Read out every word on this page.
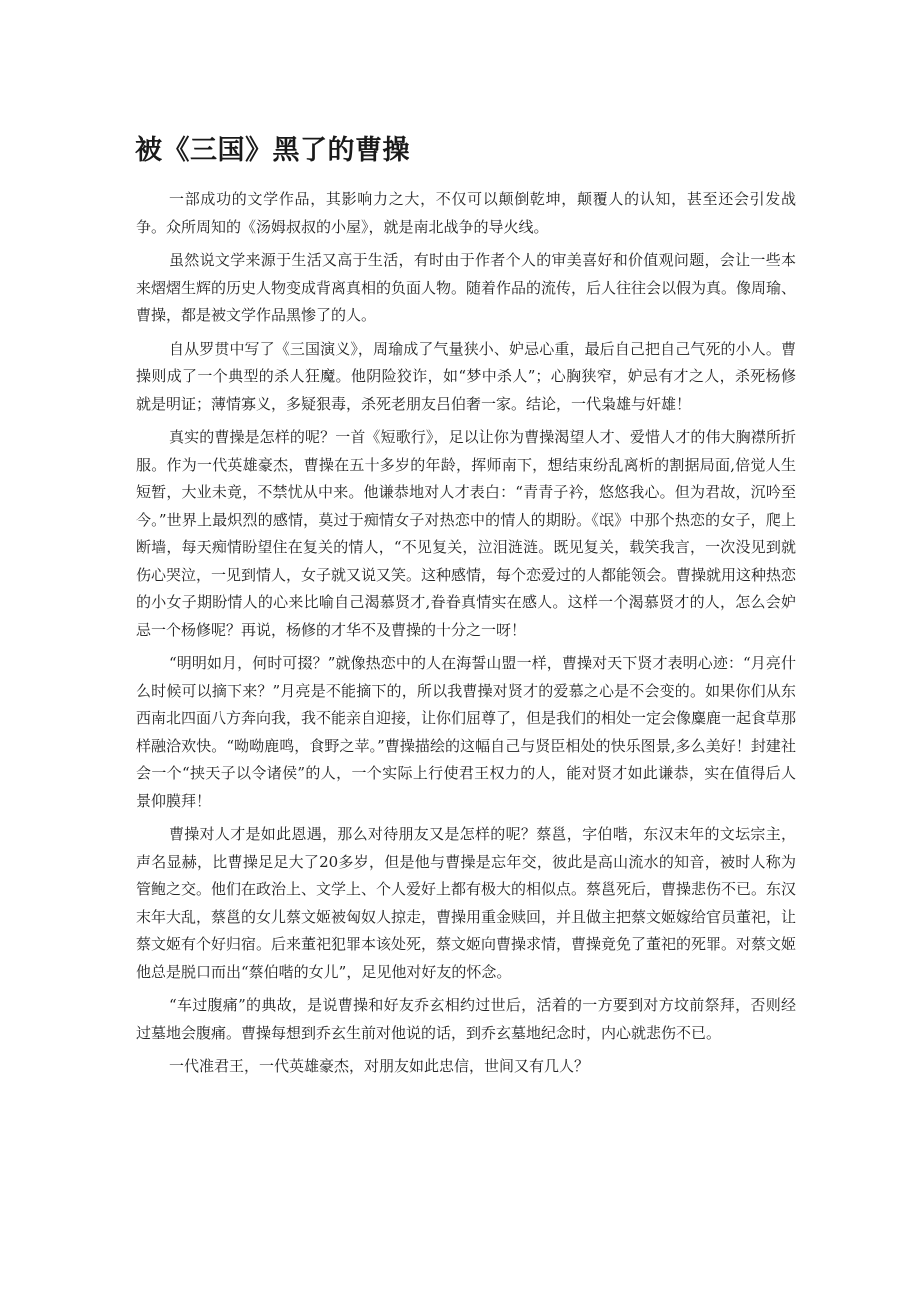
被《三国》黑了的曹操

一部成功的文学作品，其影响力之大，不仅可以颠倒乾坤，颠覆人的认知，甚至还会引发战争。众所周知的《汤姆叔叔的小屋》，就是南北战争的导火线。

虽然说文学来源于生活又高于生活，有时由于作者个人的审美喜好和价值观问题，会让一些本来熠熠生辉的历史人物变成背离真相的负面人物。随着作品的流传，后人往往会以假为真。像周瑜、曹操，都是被文学作品黑惨了的人。

自从罗贯中写了《三国演义》，周瑜成了气量狭小、妒忌心重，最后自己把自己气死的小人。曹操则成了一个典型的杀人狂魔。他阴险狡诈，如“梦中杀人”；心胸狭窄，妒忌有才之人，杀死杨修就是明证；薄情寡义，多疑狠毒，杀死老朋友吕伯奢一家。结论，一代枭雄与奸雄！

真实的曹操是怎样的呢？一首《短歌行》，足以让你为曹操渴望人才、爱惜人才的伟大胸襟所折服。作为一代英雄豪杰，曹操在五十多岁的年龄，挥师南下，想结束纷乱离析的割据局面,倍觉人生短暂，大业未竟，不禁忧从中来。他谦恭地对人才表白：“青青子衿，悠悠我心。但为君故，沉吟至今。”世界上最炽烈的感情，莫过于痴情女子对热恋中的情人的期盼。《氓》中那个热恋的女子，爬上断墙，每天痴情盼望住在复关的情人，“不见复关，泣泪涟涟。既见复关，载笑我言，一次没见到就伤心哭泣，一见到情人，女子就又说又笑。这种感情，每个恋爱过的人都能领会。曹操就用这种热恋的小女子期盼情人的心来比喻自己渴慕贤才,眷眷真情实在感人。这样一个渴慕贤才的人，怎么会妒忌一个杨修呢？再说，杨修的才华不及曹操的十分之一呀！

“明明如月，何时可掇？”就像热恋中的人在海誓山盟一样，曹操对天下贤才表明心迹：“月亮什么时候可以摘下来？”月亮是不能摘下的，所以我曹操对贤才的爱慕之心是不会变的。如果你们从东西南北四面八方奔向我，我不能亲自迎接，让你们屈尊了，但是我们的相处一定会像麋鹿一起食草那样融洽欢快。“呦呦鹿鸣，食野之苹。”曹操描绘的这幅自己与贤臣相处的快乐图景,多么美好！封建社会一个“挟天子以令诸侯”的人，一个实际上行使君王权力的人，能对贤才如此谦恭，实在值得后人景仰膜拜！

曹操对人才是如此恩遇，那么对待朋友又是怎样的呢？蔡邕，字伯喈，东汉末年的文坛宗主，声名显赫，比曹操足足大了20多岁，但是他与曹操是忘年交，彼此是高山流水的知音，被时人称为管鲍之交。他们在政治上、文学上、个人爱好上都有极大的相似点。蔡邕死后，曹操悲伤不已。东汉末年大乱，蔡邕的女儿蔡文姬被匈奴人掠走，曹操用重金赎回，并且做主把蔡文姬嫁给官员董祀，让蔡文姬有个好归宿。后来董祀犯罪本该处死，蔡文姬向曹操求情，曹操竟免了董祀的死罪。对蔡文姬他总是脱口而出“蔡伯喈的女儿”，足见他对好友的怀念。

“车过腹痛”的典故，是说曹操和好友乔玄相约过世后，活着的一方要到对方坟前祭拜，否则经过墓地会腹痛。曹操每想到乔玄生前对他说的话，到乔玄墓地纪念时，内心就悲伤不已。

一代准君王，一代英雄豪杰，对朋友如此忠信，世间又有几人？
